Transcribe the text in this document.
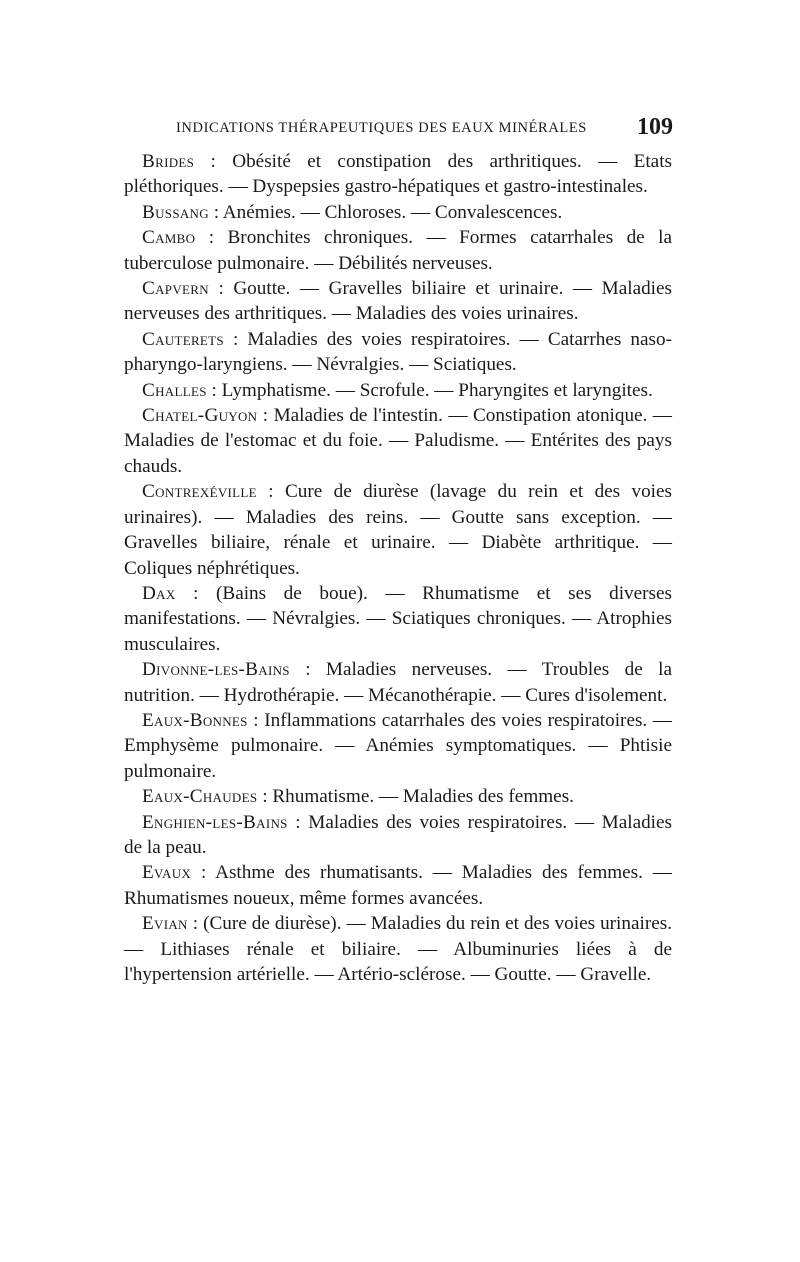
INDICATIONS THÉRAPEUTIQUES DES EAUX MINÉRALES 109

Brides : Obésité et constipation des arthritiques. — Etats pléthoriques. — Dyspepsies gastro-hépatiques et gastro-intestinales.

Bussang : Anémies. — Chloroses. — Convalescences.

Cambo : Bronchites chroniques. — Formes catarrhales de la tuberculose pulmonaire. — Débilités nerveuses.

Capvern : Goutte. — Gravelles biliaire et urinaire. — Maladies nerveuses des arthritiques. — Maladies des voies urinaires.

Cauterets : Maladies des voies respiratoires. — Catarrhes naso-pharyngo-laryngiens. — Névralgies. — Sciatiques.

Challes : Lymphatisme. — Scrofule. — Pharyngites et laryngites.

Chatel-Guyon : Maladies de l'intestin. — Constipation atonique. — Maladies de l'estomac et du foie. — Paludisme. — Entérites des pays chauds.

Contrexéville : Cure de diurèse (lavage du rein et des voies urinaires). — Maladies des reins. — Goutte sans exception. — Gravelles biliaire, rénale et urinaire. — Diabète arthritique. — Coliques néphrétiques.

Dax : (Bains de boue). — Rhumatisme et ses diverses manifestations. — Névralgies. — Sciatiques chroniques. — Atrophies musculaires.

Divonne-les-Bains : Maladies nerveuses. — Troubles de la nutrition. — Hydrothérapie. — Mécanothérapie. — Cures d'isolement.

Eaux-Bonnes : Inflammations catarrhales des voies respiratoires. — Emphysème pulmonaire. — Anémies symptomatiques. — Phtisie pulmonaire.

Eaux-Chaudes : Rhumatisme. — Maladies des femmes.

Enghien-les-Bains : Maladies des voies respiratoires. — Maladies de la peau.

Evaux : Asthme des rhumatisants. — Maladies des femmes. — Rhumatismes noueux, même formes avancées.

Evian : (Cure de diurèse). — Maladies du rein et des voies urinaires. — Lithiases rénale et biliaire. — Albuminuries liées à de l'hypertension artérielle. — Artério-sclérose. — Goutte. — Gravelle.
